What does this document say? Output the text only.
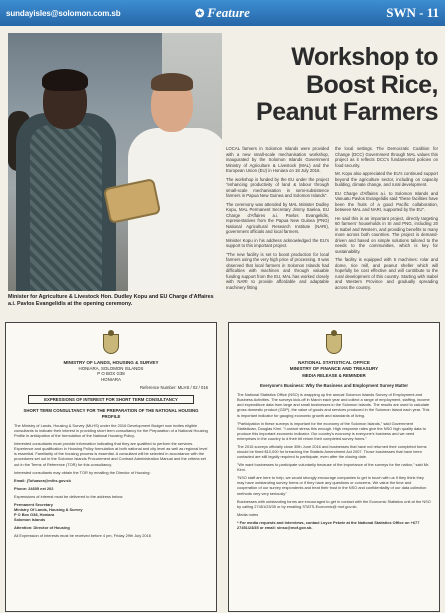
sundayisles@solomon.com.sb	✪ Feature	SWN - 11
Minister for Agriculture & Livestock Hon. Dudley Kopu and EU Charge d'Affaires a.i. Pavlos Evangelidis at the opening ceremony.
Workshop to Boost Rice, Peanut Farmers

LOCAL farmers in Solomon Islands were provided with a new small-scale mechanisation workshop, inaugurated by the Solomon Islands Government Ministry of Agriculture & Livestock (MAL) and the European Union (EU) in Honiara on 18 July 2016.

The workshop is funded by the EU under the project "enhancing productivity of land & labour through small-scale mechanisation in semi-subsistence farmers in Papua New Guinea and Solomon Islands".

The ceremony was attended by MAL Minister Dudley Kopu, MAL Permanent Secretary Jimmy Saelea, EU Charge d'Affaires a.i. Pavlos Evangelidis, representatives from the Papua New Guinea (PNG) National Agricultural Research Institute (NARI), government officials and local farmers.

Minister Kopu in his address acknowledged the EU's support to this important project.

"The new facility is set to boost production for local farmers using the very high price of processing. It was observed that local farmers in Solomon Islands had difficulties with machines and through valuable funding support from the EU, MAL has worked closely with NARI to provide affordable and adaptable machinery fitting

the local settings. The Democratic Coalition for Change (DCC) Government through MAL values this project as it reflects DCC's fundamental policies on food security.

Mr. Kopu also appreciated the EU's continued support beyond the agriculture sector, including on capacity building, climate change, and rural development.

EU Charge d'Affaires a.i. to Solomon Islands and Vanuatu Pavlos Evangelidis said "these facilities have been the fruits of a good Pacific collaboration, between MAL and NARI, supported by the EU".

He said this is an important project, directly targeting 60 farmers' households in SI and PNG, including 20 in Isabel and Western, and providing benefits to many more across both countries. The project is demand-driven and based on simple solutions tailored to the needs to the communities, which is key for sustainability.

The facility is equipped with 5 machines: rolar and dome, rice mill, and peanut sheller which will hopefully be cost effective and will contribute to the rural development of this country. Starting with Isabel and Western Province and gradually spreading across the country.

MINISTRY OF LANDS, HOUSING & SURVEY
HONIARA, SOLOMON ISLANDS
P O BOX G38
HONIARA
Reference Number: MLHS / 02 / 016
EXPRESSIONS OF INTEREST FOR SHORT TERM CONSULTANCY
SHORT TERM CONSULTANCY FOR THE PREPARATION OF THE NATIONAL HOUSING PROFILE

The Ministry of Lands, Housing & Survey (MLHS) under the 2016 Development Budget now invites eligible consultants to indicate their interest in providing short term consultancy for the Preparation of a National Housing Profile in anticipation of the formulation of the National Housing Policy.

Interested consultants must provide information indicating that they are qualified to perform the services. Experience and qualification in Housing Policy formulation at both national and city level as well as regional level is essential. Familiarity of the housing process is essential. A consultant will be selected in accordance with the procedures set out in the Solomon Islands Procurement and Contract Administration Manual and the criteria set out in the Terms of Reference (TOR) for this consultancy.

Interested consultants may obtain the TOR by emailing the Director of Housing:

Email: jTofuasea@mlhs.gov.sb

Phone: 24605 ext 202

Expressions of interest must be delivered to the address below:

Permanent Secretary
Ministry Of Lands, Housing & Survey
P O Box G38, Honiara
Solomon Islands

Attention: Director of Housing

All Expression of Interests must be received before 4 pm, Friday 29th July 2016

NATIONAL STATISTICAL OFFICE
MINISTRY OF FINANCE AND TREASURY
MEDIA RELEASE & REMINDER
Everyone's Business: Why the Business and Employment Survey Matter

The National Statistics Office (NSO) is wrapping up the annual Solomon Islands Survey of Employment and Business Activities. The surveys kick-off in March each year and collect a range of employment, staffing, income and expenditure data from large and small businesses in the Solomon Islands. The results are used to calculate gross domestic product (GDP), the value of goods and services produced in the Solomon Island each year. This is important indicator for gauging economic growth and standards of living.

"Participation in these surveys is important for the economy of the Solomon Islands," said Government Statistician, Douglas Kimi. "I cannot stress this enough. High response rates give the NSO high quality data to produce this important economic indicator. Our country's economy is everyone's business and we need enterprises in the country to d their bit return their completed survey forms."

The 2015 surveys officially close 30th June 2016 and businesses that have not returned their completed forms should be fined $10,000 for breaching the Statistic Amendment Act 2007. Those businesses that have been contacted are still legally required to participate, even after the closing date.

"We want businesses to participate voluntarily because of the importance of the surveys for the nation," said Mr. Kimi.

"NSO staff are here to help, we would strongly encourage companies to get in touch with us if they think they may have outstanding survey forms or if they have any questions or concerns. We value the time and cooperation of our survey respondents and treat their trust in the NSO and confidentiality of our data collection methods very very seriously"

Businesses with outstanding forms are encouraged to get in contact with the Economic Statistics unit at the NSO by calling 27451/23/35 or by emailing STATS-Economic@ mof.gov.sb.

Media notes

* For media requests and interviews, contact Loyce Pekele at the National Statistics Office on +677 27451/23/35 or email: sinso@mof.gov.sb.
